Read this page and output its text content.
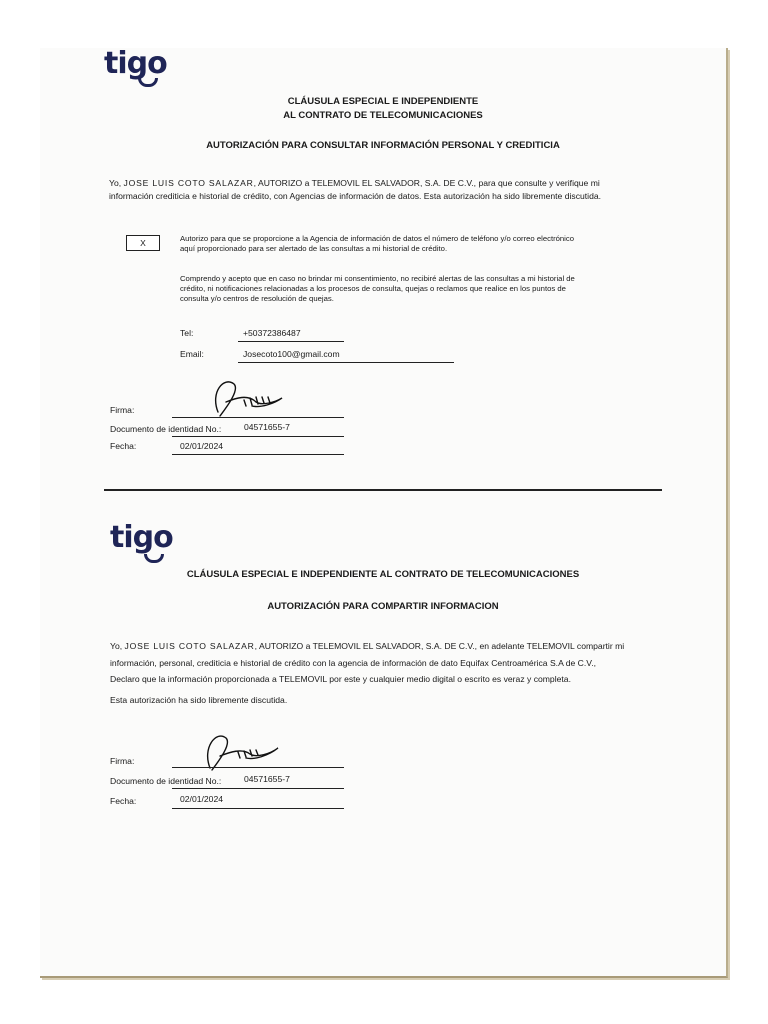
tigo
CLÁUSULA ESPECIAL E INDEPENDIENTE
AL CONTRATO DE TELECOMUNICACIONES
AUTORIZACIÓN PARA CONSULTAR INFORMACIÓN PERSONAL Y CREDITICIA
Yo, JOSE LUIS COTO SALAZAR, AUTORIZO a TELEMOVIL EL SALVADOR, S.A. DE C.V., para que consulte y verifique mi
información crediticia e historial de crédito, con Agencias de información de datos. Esta autorización ha sido libremente discutida.
X	Autorizo para que se proporcione a la Agencia de información de datos el número de teléfono y/o correo electrónico
aquí proporcionado para ser alertado de las consultas a mi historial de crédito.
Comprendo y acepto que en caso no brindar mi consentimiento, no recibiré alertas de las consultas a mi historial de
crédito, ni notificaciones relacionadas a los procesos de consulta, quejas o reclamos que realice en los puntos de
consulta y/o centros de resolución de quejas.
Tel:	+50372386487
Email:	Josecoto100@gmail.com
Firma:
Documento de identidad No.:	04571655-7
Fecha:	02/01/2024
tigo
CLÁUSULA ESPECIAL E INDEPENDIENTE AL CONTRATO DE TELECOMUNICACIONES
AUTORIZACIÓN PARA COMPARTIR INFORMACION
Yo, JOSE LUIS COTO SALAZAR, AUTORIZO a TELEMOVIL EL SALVADOR, S.A. DE C.V., en adelante TELEMOVIL compartir mi
información, personal, crediticia e historial de crédito con la agencia de información de dato Equifax Centroamérica S.A de C.V.,
Declaro que la información proporcionada a TELEMOVIL por este y cualquier medio digital o escrito es veraz y completa.
Esta autorización ha sido libremente discutida.
Firma:
Documento de identidad No.:	04571655-7
Fecha:	02/01/2024
